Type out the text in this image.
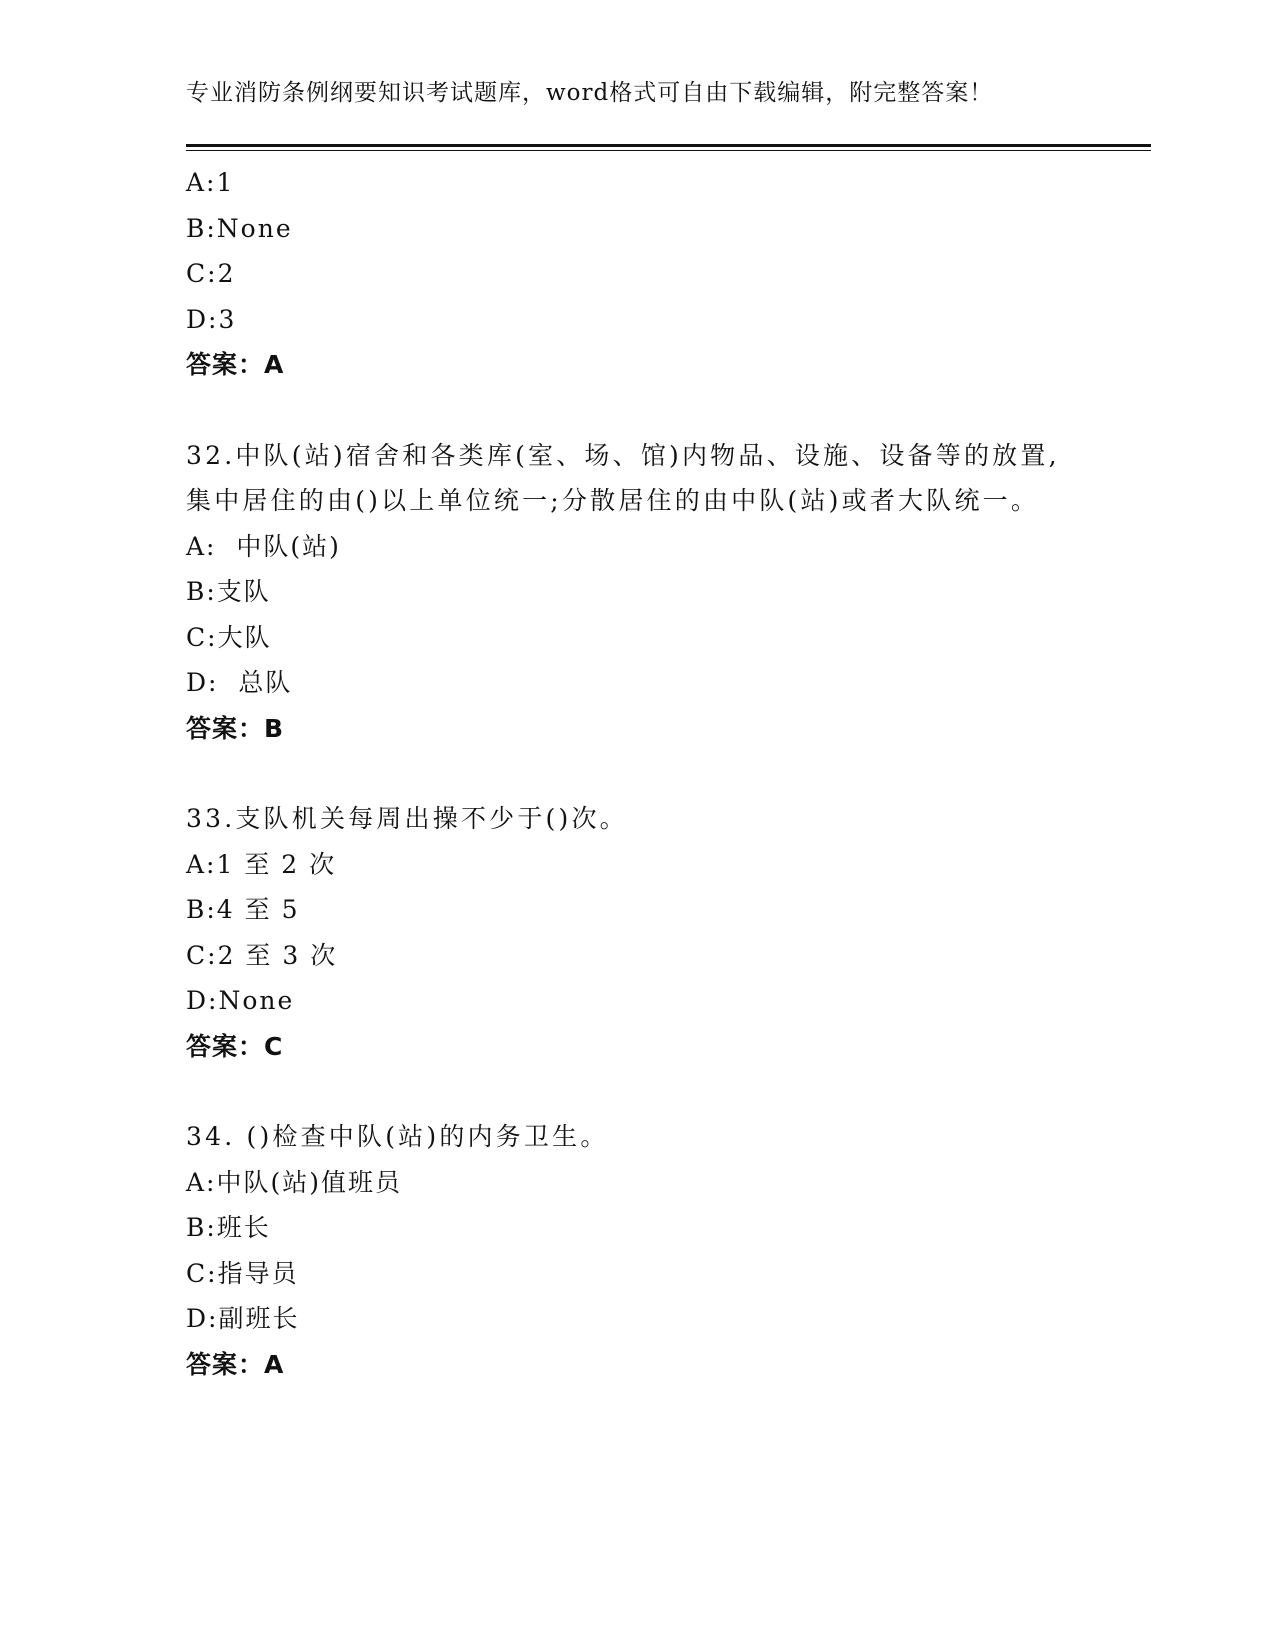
专业消防条例纲要知识考试题库，word格式可自由下载编辑，附完整答案！
A: 1
B: None
C: 2
D: 3
答案：A
32.中队(站)宿舍和各类库(室、场、馆)内物品、设施、设备等的放置,集中居住的由()以上单位统一;分散居住的由中队(站)或者大队统一。
A: 中队(站)
B: 支队
C: 大队
D: 总队
答案：B
33.支队机关每周出操不少于()次。
A: 1 至 2 次
B: 4 至 5
C: 2 至 3 次
D: None
答案：C
34. ()检查中队(站)的内务卫生。
A: 中队(站)值班员
B: 班长
C: 指导员
D: 副班长
答案：A
